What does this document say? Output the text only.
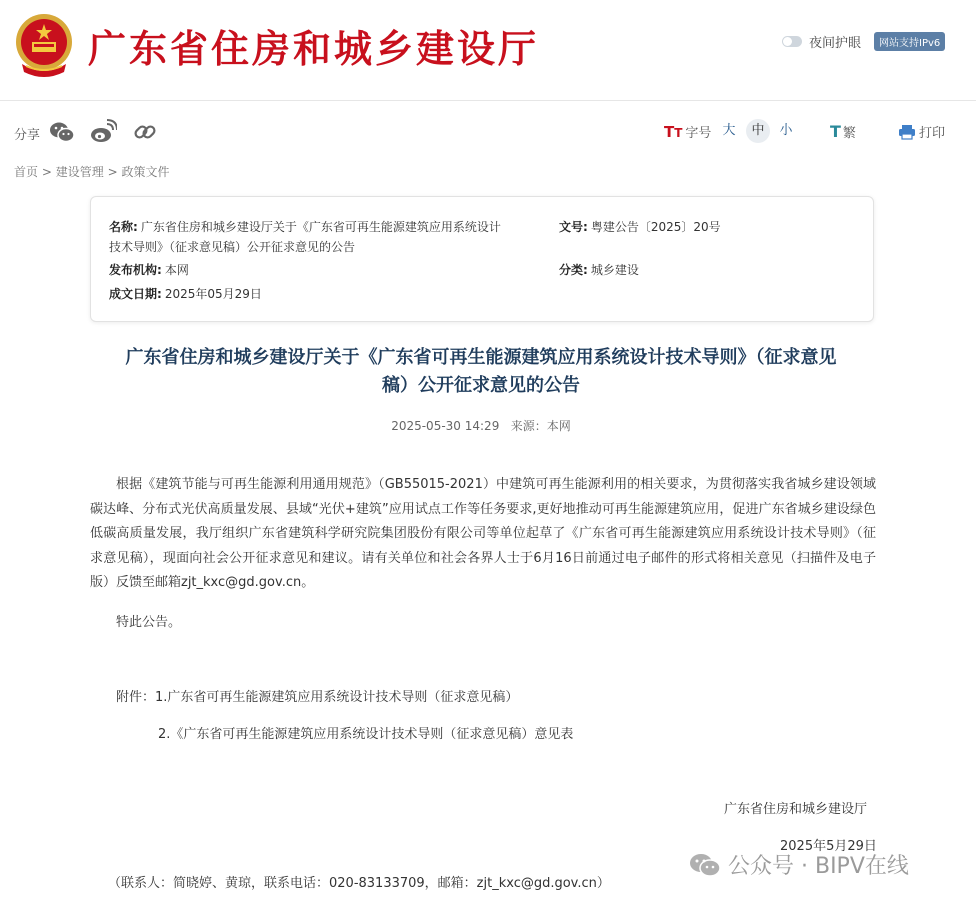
广东省住房和城乡建设厅	夜间护眼	网站支持IPv6
分享	TT 字号 大	中	小	T 繁	打印
首页 > 建设管理 > 政策文件
名称: 广东省住房和城乡建设厅关于《广东省可再生能源建筑应用系统设计
技术导则》（征求意见稿）公开征求意见的公告
文号: 粤建公告〔2025〕20号
发布机构: 本网	分类: 城乡建设
成文日期: 2025年05月29日
广东省住房和城乡建设厅关于《广东省可再生能源建筑应用系统设计技术导则》（征求意见
稿）公开征求意见的公告
2025-05-30 14:29 来源：本网
根据《建筑节能与可再生能源利用通用规范》（GB55015-2021）中建筑可再生能源利用的相关要求，为贯彻落实我省城乡建设领域碳达峰、分布式光伏高质量发展、县域“光伏+建筑”应用试点工作等任务要求,更好地推动可再生能源建筑应用，促进广东省城乡建设绿色低碳高质量发展，我厅组织广东省建筑科学研究院集团股份有限公司等单位起草了《广东省可再生能源建筑应用系统设计技术导则》（征求意见稿），现面向社会公开征求意见和建议。请有关单位和社会各界人士于6月16日前通过电子邮件的形式将相关意见（扫描件及电子版）反馈至邮箱zjt_kxc@gd.gov.cn。
特此公告。
附件：1.广东省可再生能源建筑应用系统设计技术导则（征求意见稿）
2.《广东省可再生能源建筑应用系统设计技术导则（征求意见稿）意见表
广东省住房和城乡建设厅
2025年5月29日
（联系人：简晓婷、黄琼，联系电话：020-83133709，邮箱：zjt_kxc@gd.gov.cn）
公众号 · BIPV在线
